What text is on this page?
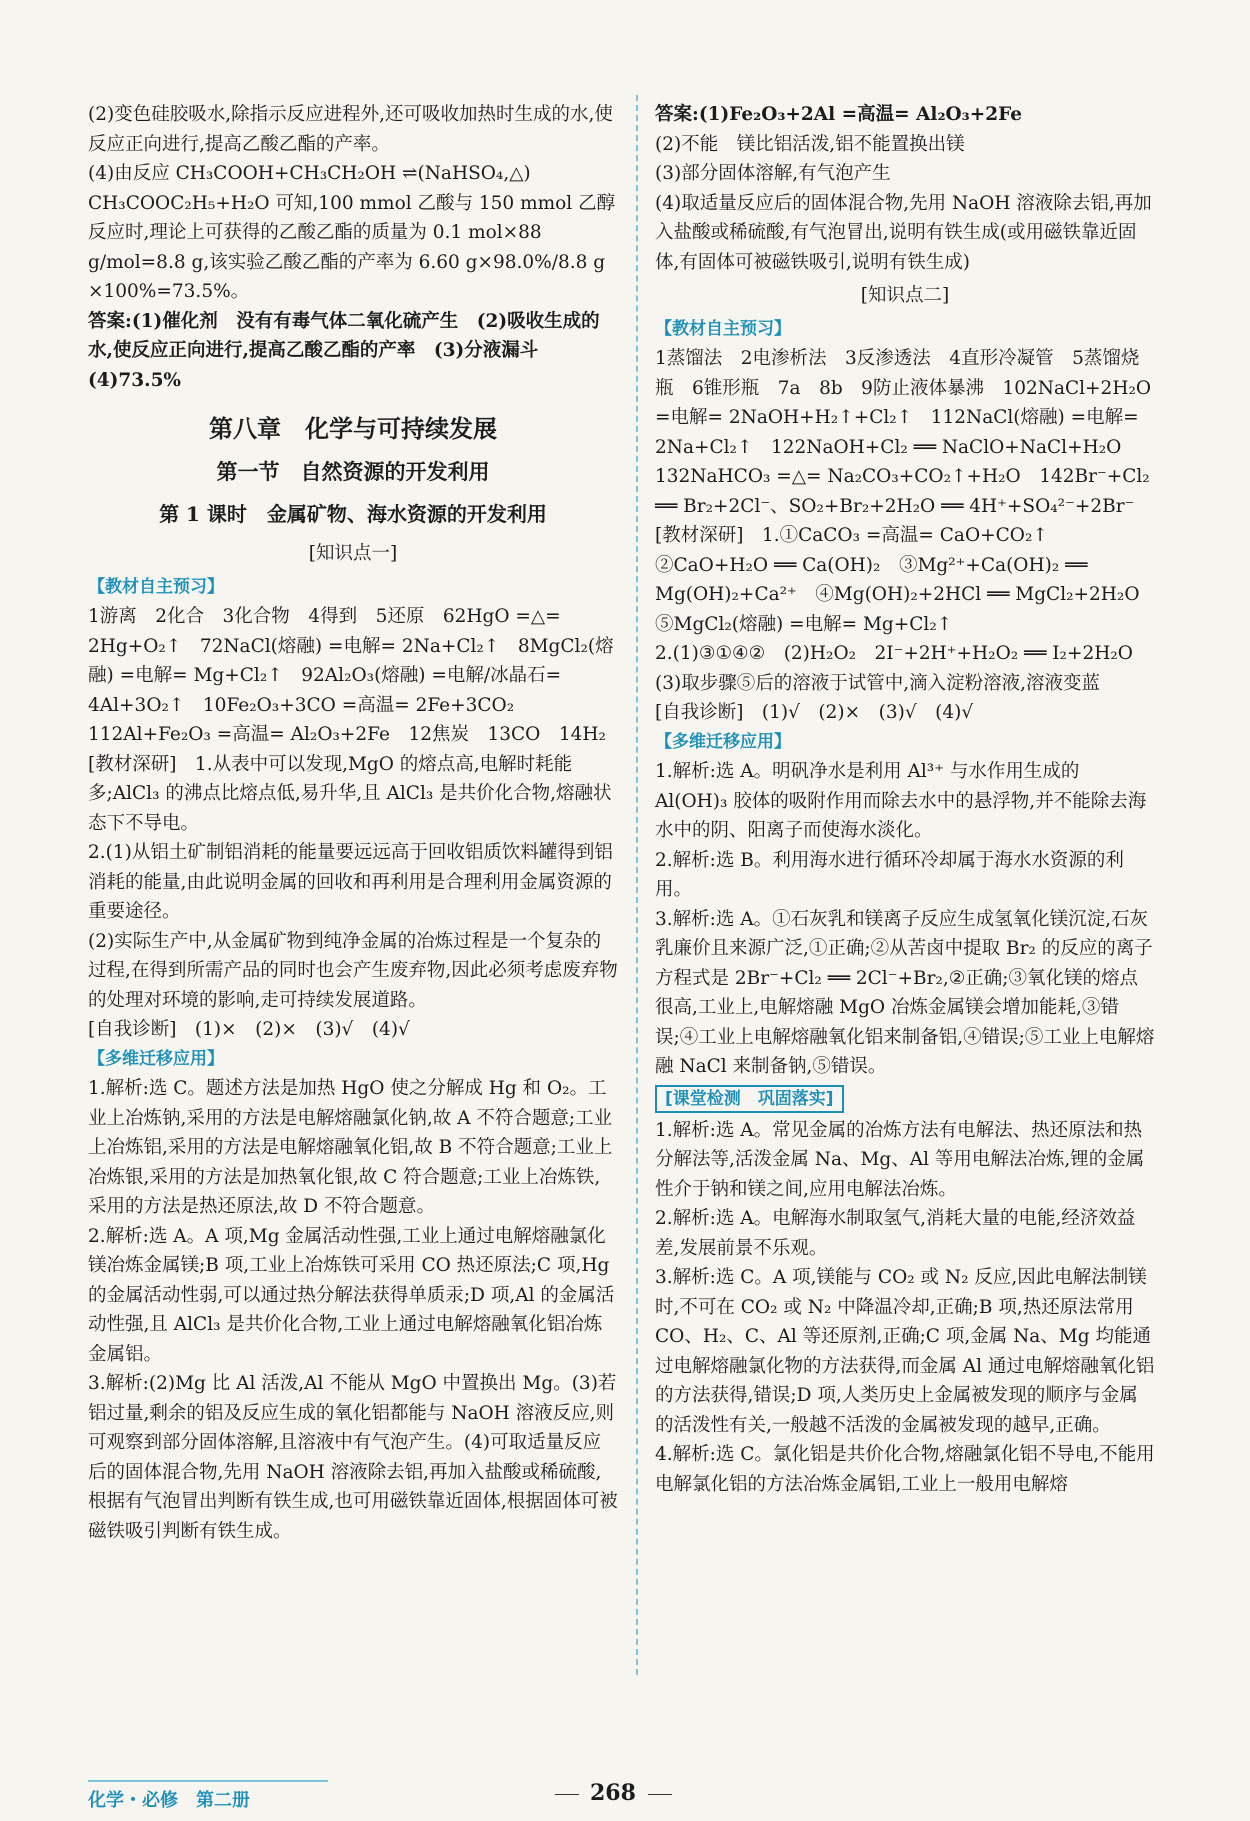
(2)变色硅胶吸水,除指示反应进程外,还可吸收加热时生成的水,使反应正向进行,提高乙酸乙酯的产率。

(4)由反应 CH₃COOH+CH₃CH₂OH ⇌(NaHSO₄,△) CH₃COOC₂H₅+H₂O 可知,100 mmol 乙酸与 150 mmol 乙醇反应时,理论上可获得的乙酸乙酯的质量为 0.1 mol×88 g/mol=8.8 g,该实验乙酸乙酯的产率为 6.60 g×98.0%/8.8 g ×100%=73.5%。

答案:(1)催化剂　没有有毒气体二氧化硫产生　(2)吸收生成的水,使反应正向进行,提高乙酸乙酯的产率　(3)分液漏斗　(4)73.5%

第八章　化学与可持续发展

第一节　自然资源的开发利用

第 1 课时　金属矿物、海水资源的开发利用

[知识点一]

【教材自主预习】

1游离　2化合　3化合物　4得到　5还原　62HgO =△= 2Hg+O₂↑　72NaCl(熔融) =电解= 2Na+Cl₂↑　8MgCl₂(熔融) =电解= Mg+Cl₂↑　92Al₂O₃(熔融) =电解/冰晶石= 4Al+3O₂↑　10Fe₂O₃+3CO =高温= 2Fe+3CO₂　112Al+Fe₂O₃ =高温= Al₂O₃+2Fe　12焦炭　13CO　14H₂

[教材深研]　1.从表中可以发现,MgO 的熔点高,电解时耗能多;AlCl₃ 的沸点比熔点低,易升华,且 AlCl₃ 是共价化合物,熔融状态下不导电。

2.(1)从铝土矿制铝消耗的能量要远远高于回收铝质饮料罐得到铝消耗的能量,由此说明金属的回收和再利用是合理利用金属资源的重要途径。

(2)实际生产中,从金属矿物到纯净金属的冶炼过程是一个复杂的过程,在得到所需产品的同时也会产生废弃物,因此必须考虑废弃物的处理对环境的影响,走可持续发展道路。

[自我诊断]　(1)×　(2)×　(3)√　(4)√

【多维迁移应用】

1.解析:选 C。题述方法是加热 HgO 使之分解成 Hg 和 O₂。工业上冶炼钠,采用的方法是电解熔融氯化钠,故 A 不符合题意;工业上冶炼铝,采用的方法是电解熔融氧化铝,故 B 不符合题意;工业上冶炼银,采用的方法是加热氧化银,故 C 符合题意;工业上冶炼铁,采用的方法是热还原法,故 D 不符合题意。

2.解析:选 A。A 项,Mg 金属活动性强,工业上通过电解熔融氯化镁冶炼金属镁;B 项,工业上冶炼铁可采用 CO 热还原法;C 项,Hg 的金属活动性弱,可以通过热分解法获得单质汞;D 项,Al 的金属活动性强,且 AlCl₃ 是共价化合物,工业上通过电解熔融氧化铝冶炼金属铝。

3.解析:(2)Mg 比 Al 活泼,Al 不能从 MgO 中置换出 Mg。(3)若铝过量,剩余的铝及反应生成的氧化铝都能与 NaOH 溶液反应,则可观察到部分固体溶解,且溶液中有气泡产生。(4)可取适量反应后的固体混合物,先用 NaOH 溶液除去铝,再加入盐酸或稀硫酸,根据有气泡冒出判断有铁生成,也可用磁铁靠近固体,根据固体可被磁铁吸引判断有铁生成。

答案:(1)Fe₂O₃+2Al =高温= Al₂O₃+2Fe

(2)不能　镁比铝活泼,铝不能置换出镁

(3)部分固体溶解,有气泡产生

(4)取适量反应后的固体混合物,先用 NaOH 溶液除去铝,再加入盐酸或稀硫酸,有气泡冒出,说明有铁生成(或用磁铁靠近固体,有固体可被磁铁吸引,说明有铁生成)

[知识点二]

【教材自主预习】

1蒸馏法　2电渗析法　3反渗透法　4直形冷凝管　5蒸馏烧瓶　6锥形瓶　7a　8b　9防止液体暴沸　102NaCl+2H₂O =电解= 2NaOH+H₂↑+Cl₂↑　112NaCl(熔融) =电解= 2Na+Cl₂↑　122NaOH+Cl₂ ══ NaClO+NaCl+H₂O　132NaHCO₃ =△= Na₂CO₃+CO₂↑+H₂O　142Br⁻+Cl₂ ══ Br₂+2Cl⁻、SO₂+Br₂+2H₂O ══ 4H⁺+SO₄²⁻+2Br⁻

[教材深研]　1.①CaCO₃ =高温= CaO+CO₂↑　②CaO+H₂O ══ Ca(OH)₂　③Mg²⁺+Ca(OH)₂ ══ Mg(OH)₂+Ca²⁺　④Mg(OH)₂+2HCl ══ MgCl₂+2H₂O　⑤MgCl₂(熔融) =电解= Mg+Cl₂↑

2.(1)③①④②　(2)H₂O₂　2I⁻+2H⁺+H₂O₂ ══ I₂+2H₂O　(3)取步骤⑤后的溶液于试管中,滴入淀粉溶液,溶液变蓝

[自我诊断]　(1)√　(2)×　(3)√　(4)√

【多维迁移应用】

1.解析:选 A。明矾净水是利用 Al³⁺ 与水作用生成的 Al(OH)₃ 胶体的吸附作用而除去水中的悬浮物,并不能除去海水中的阴、阳离子而使海水淡化。

2.解析:选 B。利用海水进行循环冷却属于海水水资源的利用。

3.解析:选 A。①石灰乳和镁离子反应生成氢氧化镁沉淀,石灰乳廉价且来源广泛,①正确;②从苦卤中提取 Br₂ 的反应的离子方程式是 2Br⁻+Cl₂ ══ 2Cl⁻+Br₂,②正确;③氧化镁的熔点很高,工业上,电解熔融 MgO 冶炼金属镁会增加能耗,③错误;④工业上电解熔融氧化铝来制备铝,④错误;⑤工业上电解熔融 NaCl 来制备钠,⑤错误。

[课堂检测　巩固落实]

1.解析:选 A。常见金属的冶炼方法有电解法、热还原法和热分解法等,活泼金属 Na、Mg、Al 等用电解法冶炼,锂的金属性介于钠和镁之间,应用电解法冶炼。

2.解析:选 A。电解海水制取氢气,消耗大量的电能,经济效益差,发展前景不乐观。

3.解析:选 C。A 项,镁能与 CO₂ 或 N₂ 反应,因此电解法制镁时,不可在 CO₂ 或 N₂ 中降温冷却,正确;B 项,热还原法常用 CO、H₂、C、Al 等还原剂,正确;C 项,金属 Na、Mg 均能通过电解熔融氯化物的方法获得,而金属 Al 通过电解熔融氧化铝的方法获得,错误;D 项,人类历史上金属被发现的顺序与金属的活泼性有关,一般越不活泼的金属被发现的越早,正确。

4.解析:选 C。氯化铝是共价化合物,熔融氯化铝不导电,不能用电解氯化铝的方法冶炼金属铝,工业上一般用电解熔

化学・必修　第二册	268
